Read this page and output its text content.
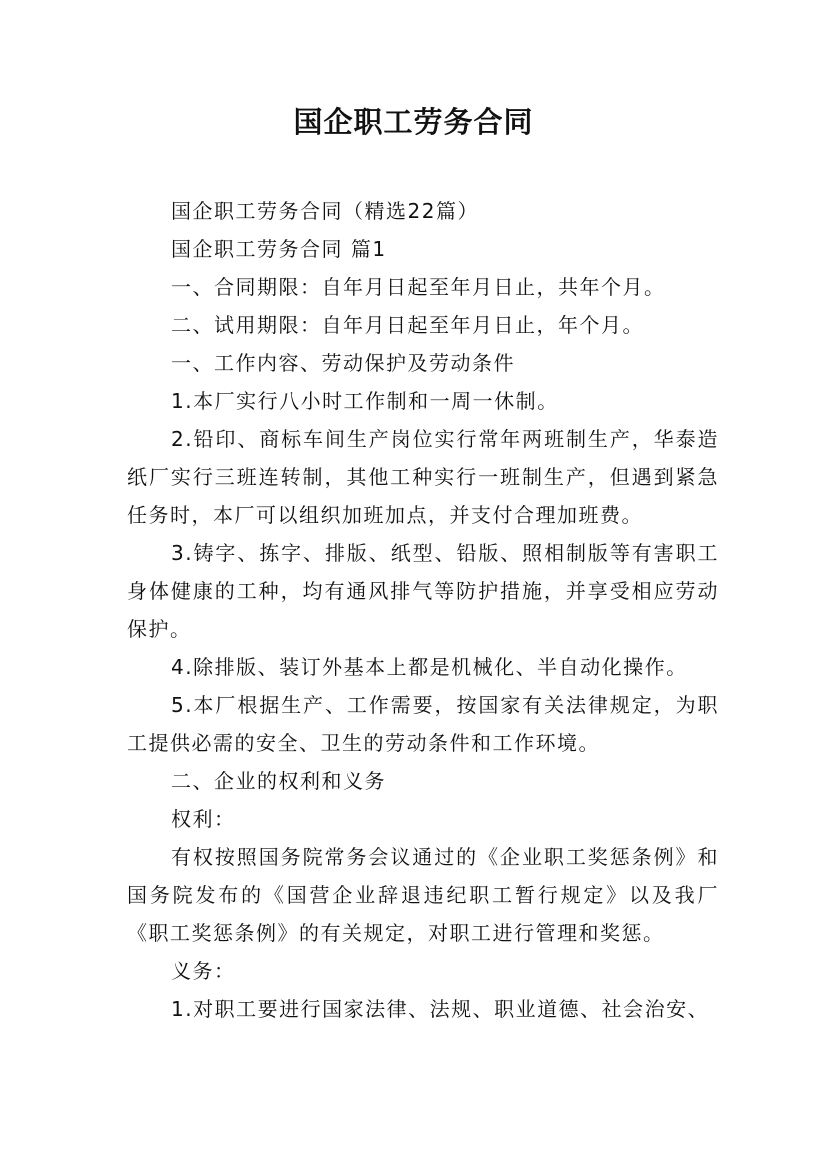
国企职工劳务合同

国企职工劳务合同（精选22篇）

国企职工劳务合同 篇1

一、合同期限：自年月日起至年月日止，共年个月。

二、试用期限：自年月日起至年月日止，年个月。

一、工作内容、劳动保护及劳动条件

1.本厂实行八小时工作制和一周一休制。

2.铅印、商标车间生产岗位实行常年两班制生产，华泰造纸厂实行三班连转制，其他工种实行一班制生产，但遇到紧急任务时，本厂可以组织加班加点，并支付合理加班费。

3.铸字、拣字、排版、纸型、铅版、照相制版等有害职工身体健康的工种，均有通风排气等防护措施，并享受相应劳动保护。

4.除排版、装订外基本上都是机械化、半自动化操作。

5.本厂根据生产、工作需要，按国家有关法律规定，为职工提供必需的安全、卫生的劳动条件和工作环境。

二、企业的权利和义务

权利：

有权按照国务院常务会议通过的《企业职工奖惩条例》和国务院发布的《国营企业辞退违纪职工暂行规定》以及我厂《职工奖惩条例》的有关规定，对职工进行管理和奖惩。

义务：

1.对职工要进行国家法律、法规、职业道德、社会治安、
